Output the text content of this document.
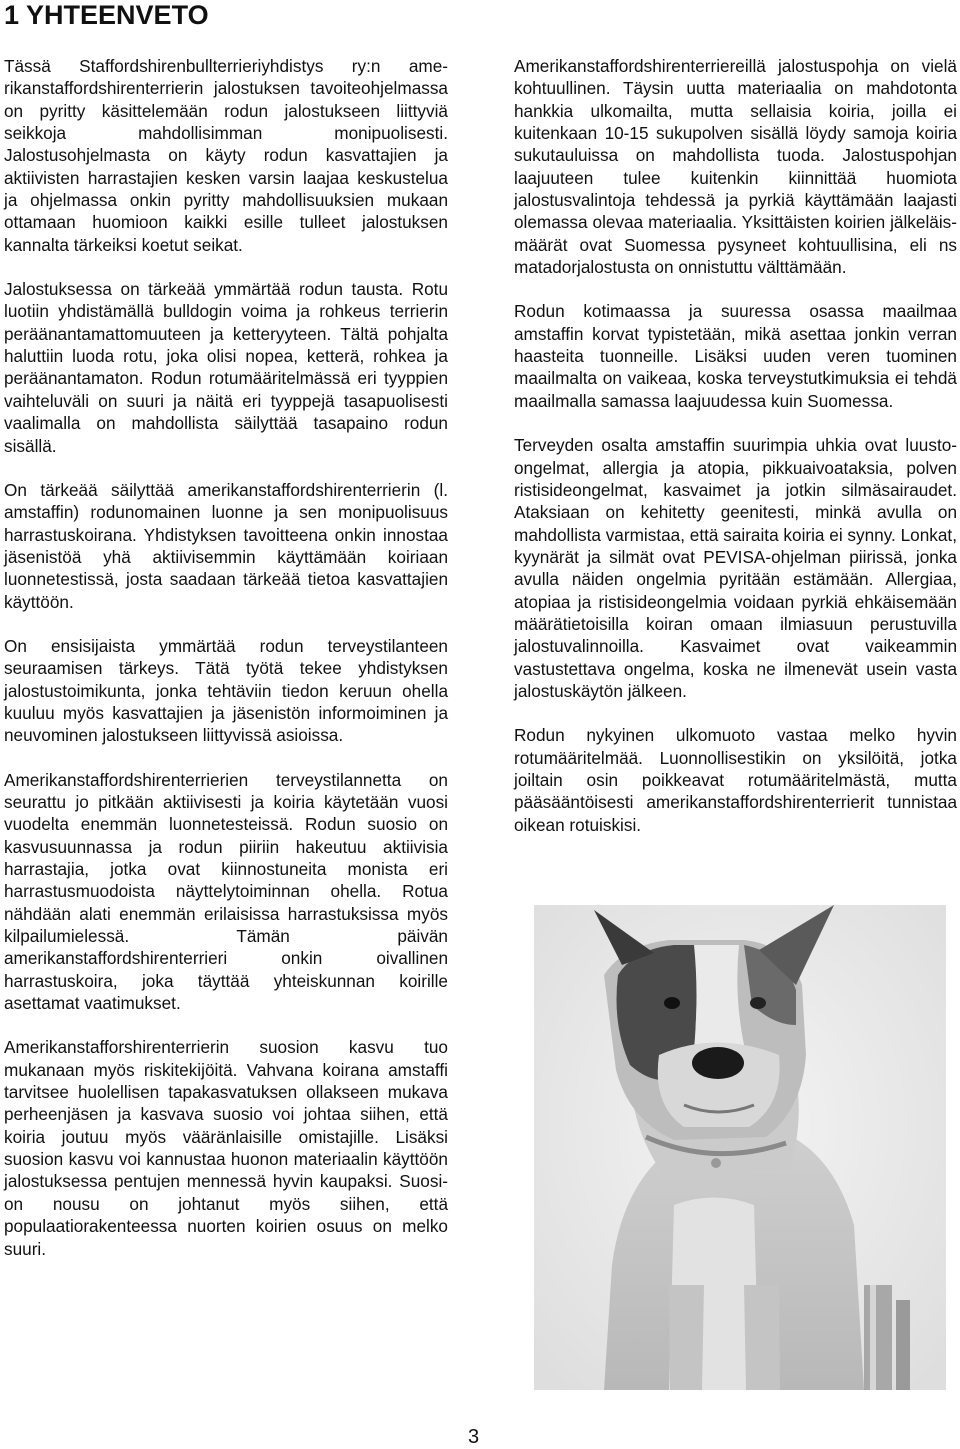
1 YHTEENVETO

Tässä Staffordshirenbullterrieriyhdistys ry:n amerikanstaffordshirenterrierin jalostuksen tavoiteohjelmassa on pyritty käsittelemään rodun jalostukseen liittyviä seikkoja mahdollisimman monipuolisesti. Jalostusohjelmasta on käyty rodun kasvattajien ja aktiivisten harrastajien kesken varsin laajaa keskustelua ja ohjelmassa onkin pyritty mahdollisuuksien mukaan ottamaan huomioon kaikki esille tulleet jalostuksen kannalta tärkeiksi koetut seikat.

Jalostuksessa on tärkeää ymmärtää rodun tausta. Rotu luotiin yhdistämällä bulldogin voima ja rohkeus terrierin peräänantamattomuuteen ja ketteryyteen. Tältä pohjalta haluttiin luoda rotu, joka olisi nopea, ketterä, rohkea ja peräänantamaton. Rodun rotumääritelmässä eri tyyppien vaihteluväli on suuri ja näitä eri tyyppejä tasapuolisesti vaalimalla on mahdollista säilyttää tasapaino rodun sisällä.

On tärkeää säilyttää amerikanstaffordshirenterrierin (l. amstaffin) rodunomainen luonne ja sen monipuolisuus harrastuskoirana. Yhdistyksen tavoitteena onkin innostaa jäsenistöä yhä aktiivisemmin käyttämään koiriaan luonnetestissä, josta saadaan tärkeää tietoa kasvattajien käyttöön.

On ensisijaista ymmärtää rodun terveystilanteen seuraamisen tärkeys. Tätä työtä tekee yhdistyksen jalostustoimikunta, jonka tehtäviin tiedon keruun ohella kuuluu myös kasvattajien ja jäsenistön informoiminen ja neuvominen jalostukseen liittyvissä asioissa.

Amerikanstaffordshirenterrierien terveystilannetta on seurattu jo pitkään aktiivisesti ja koiria käytetään vuosi vuodelta enemmän luonnetesteissä. Rodun suosio on kasvusuunnassa ja rodun piiriin hakeutuu aktiivisia harrastajia, jotka ovat kiinnostuneita monista eri harrastusmuodoista näyttelytoiminnan ohella. Rotua nähdään alati enemmän erilaisissa harrastuksissa myös kilpailumielessä. Tämän päivän amerikanstaffordshirenterrieri onkin oivallinen harrastuskoira, joka täyttää yhteiskunnan koirille asettamat vaatimukset.

Amerikanstafforshirenterrierin suosion kasvu tuo mukanaan myös riskitekijöitä. Vahvana koirana amstaffi tarvitsee huolellisen tapakasvatuksen ollakseen mukava perheenjäsen ja kasvava suosio voi johtaa siihen, että koiria joutuu myös vääränlaisille omistajille. Lisäksi suosion kasvu voi kannustaa huonon materiaalin käyttöön jalostuksessa pentujen mennessä hyvin kaupaksi. Suosion nousu on johtanut myös siihen, että populaatiorakenteessa nuorten koirien osuus on melko suuri.

Amerikanstaffordshirenterriereillä jalostuspohja on vielä kohtuullinen. Täysin uutta materiaalia on mahdotonta hankkia ulkomailta, mutta sellaisia koiria, joilla ei kuitenkaan 10-15 sukupolven sisällä löydy samoja koiria sukutauluissa on mahdollista tuoda. Jalostuspohjan laajuuteen tulee kuitenkin kiinnittää huomiota jalostusvalintoja tehdessä ja pyrkiä käyttämään laajasti olemassa olevaa materiaalia. Yksittäisten koirien jälkeläismäärät ovat Suomessa pysyneet kohtuullisina, eli ns matadorjalostusta on onnistuttu välttämään.

Rodun kotimaassa ja suuressa osassa maailmaa amstaffin korvat typistetään, mikä asettaa jonkin verran haasteita tuonneille. Lisäksi uuden veren tuominen maailmalta on vaikeaa, koska terveystutkimuksia ei tehdä maailmalla samassa laajuudessa kuin Suomessa.

Terveyden osalta amstaffin suurimpia uhkia ovat luusto-ongelmat, allergia ja atopia, pikkuaivoataksia, polven ristisideongelmat, kasvaimet ja jotkin silmäsairaudet. Ataksiaan on kehitetty geenitesti, minkä avulla on mahdollista varmistaa, että sairaita koiria ei synny. Lonkat, kyynärät ja silmät ovat PEVISA-ohjelman piirissä, jonka avulla näiden ongelmia pyritään estämään. Allergiaa, atopiaa ja ristisideongelmia voidaan pyrkiä ehkäisemään määrätietoisilla koiran omaan ilmiasuun perustuvilla jalostuvalinnoilla. Kasvaimet ovat vaikeammin vastustettava ongelma, koska ne ilmenevät usein vasta jalostuskäytön jälkeen.

Rodun nykyinen ulkomuoto vastaa melko hyvin rotumääritelmää. Luonnollisestikin on yksilöitä, jotka joiltain osin poikkeavat rotumääritelmästä, mutta pääsääntöisesti amerikanstaffordshirenterrierit tunnistaa oikean rotuiskisi.

3
